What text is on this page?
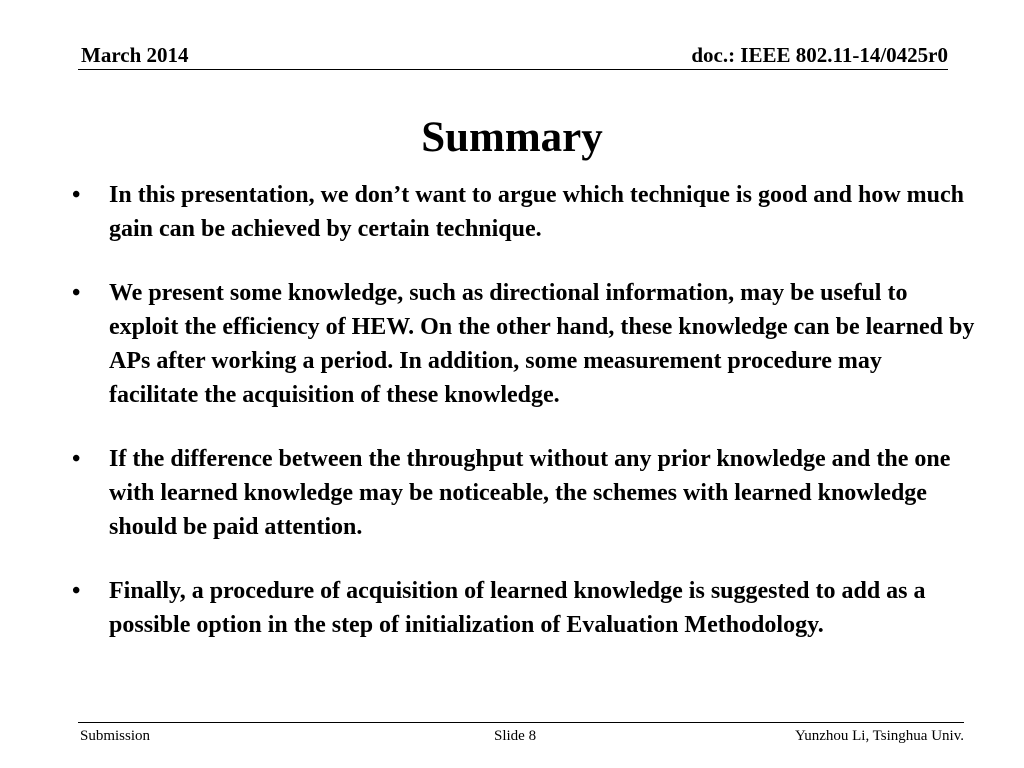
March 2014	doc.: IEEE 802.11-14/0425r0
Summary
• In this presentation, we don’t want to argue which technique is good and how much gain can be achieved by certain technique.
• We present some knowledge, such as directional information, may be useful to exploit the efficiency of HEW. On the other hand, these knowledge can be learned by APs after working a period. In addition, some measurement procedure may facilitate the acquisition of these knowledge.
• If the difference between the throughput without any prior knowledge and the one with learned knowledge may be noticeable, the schemes with learned knowledge should be paid attention.
• Finally, a procedure of acquisition of learned knowledge is suggested to add as a possible option in the step of initialization of Evaluation Methodology.
Submission	Slide 8	Yunzhou Li, Tsinghua Univ.
